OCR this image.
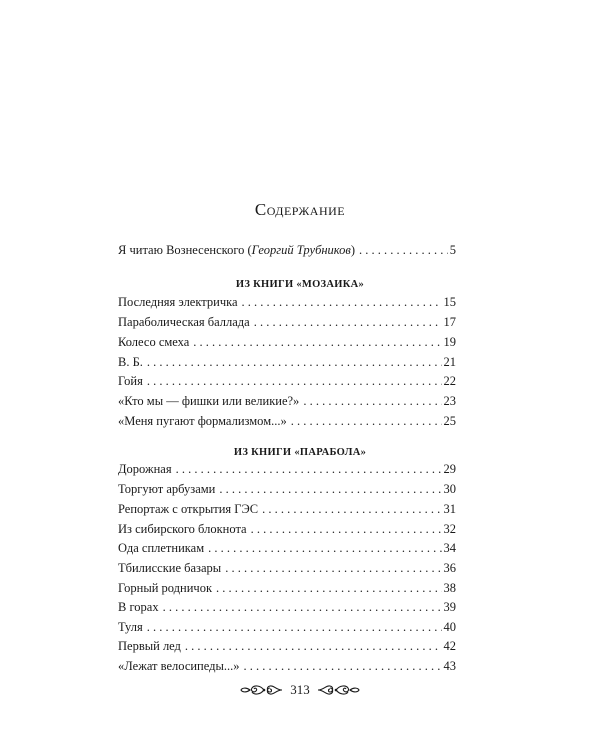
Содержание
Я читаю Вознесенского (Георгий Трубников) . . .	5
ИЗ КНИГИ «МОЗАИКА»
Последняя электричка . . .	15
Параболическая баллада . . .	17
Колесо смеха . . .	19
В. Б. . . .	21
Гойя . . .	22
«Кто мы — фишки или великие?» . . .	23
«Меня пугают формализмом...» . . .	25
ИЗ КНИГИ «ПАРАБОЛА»
Дорожная . . .	29
Торгуют арбузами . . .	30
Репортаж с открытия ГЭС . . .	31
Из сибирского блокнота . . .	32
Ода сплетникам . . .	34
Тбилисские базары . . .	36
Горный родничок . . .	38
В горах . . .	39
Туля . . .	40
Первый лед . . .	42
«Лежат велосипеды...» . . .	43
313
